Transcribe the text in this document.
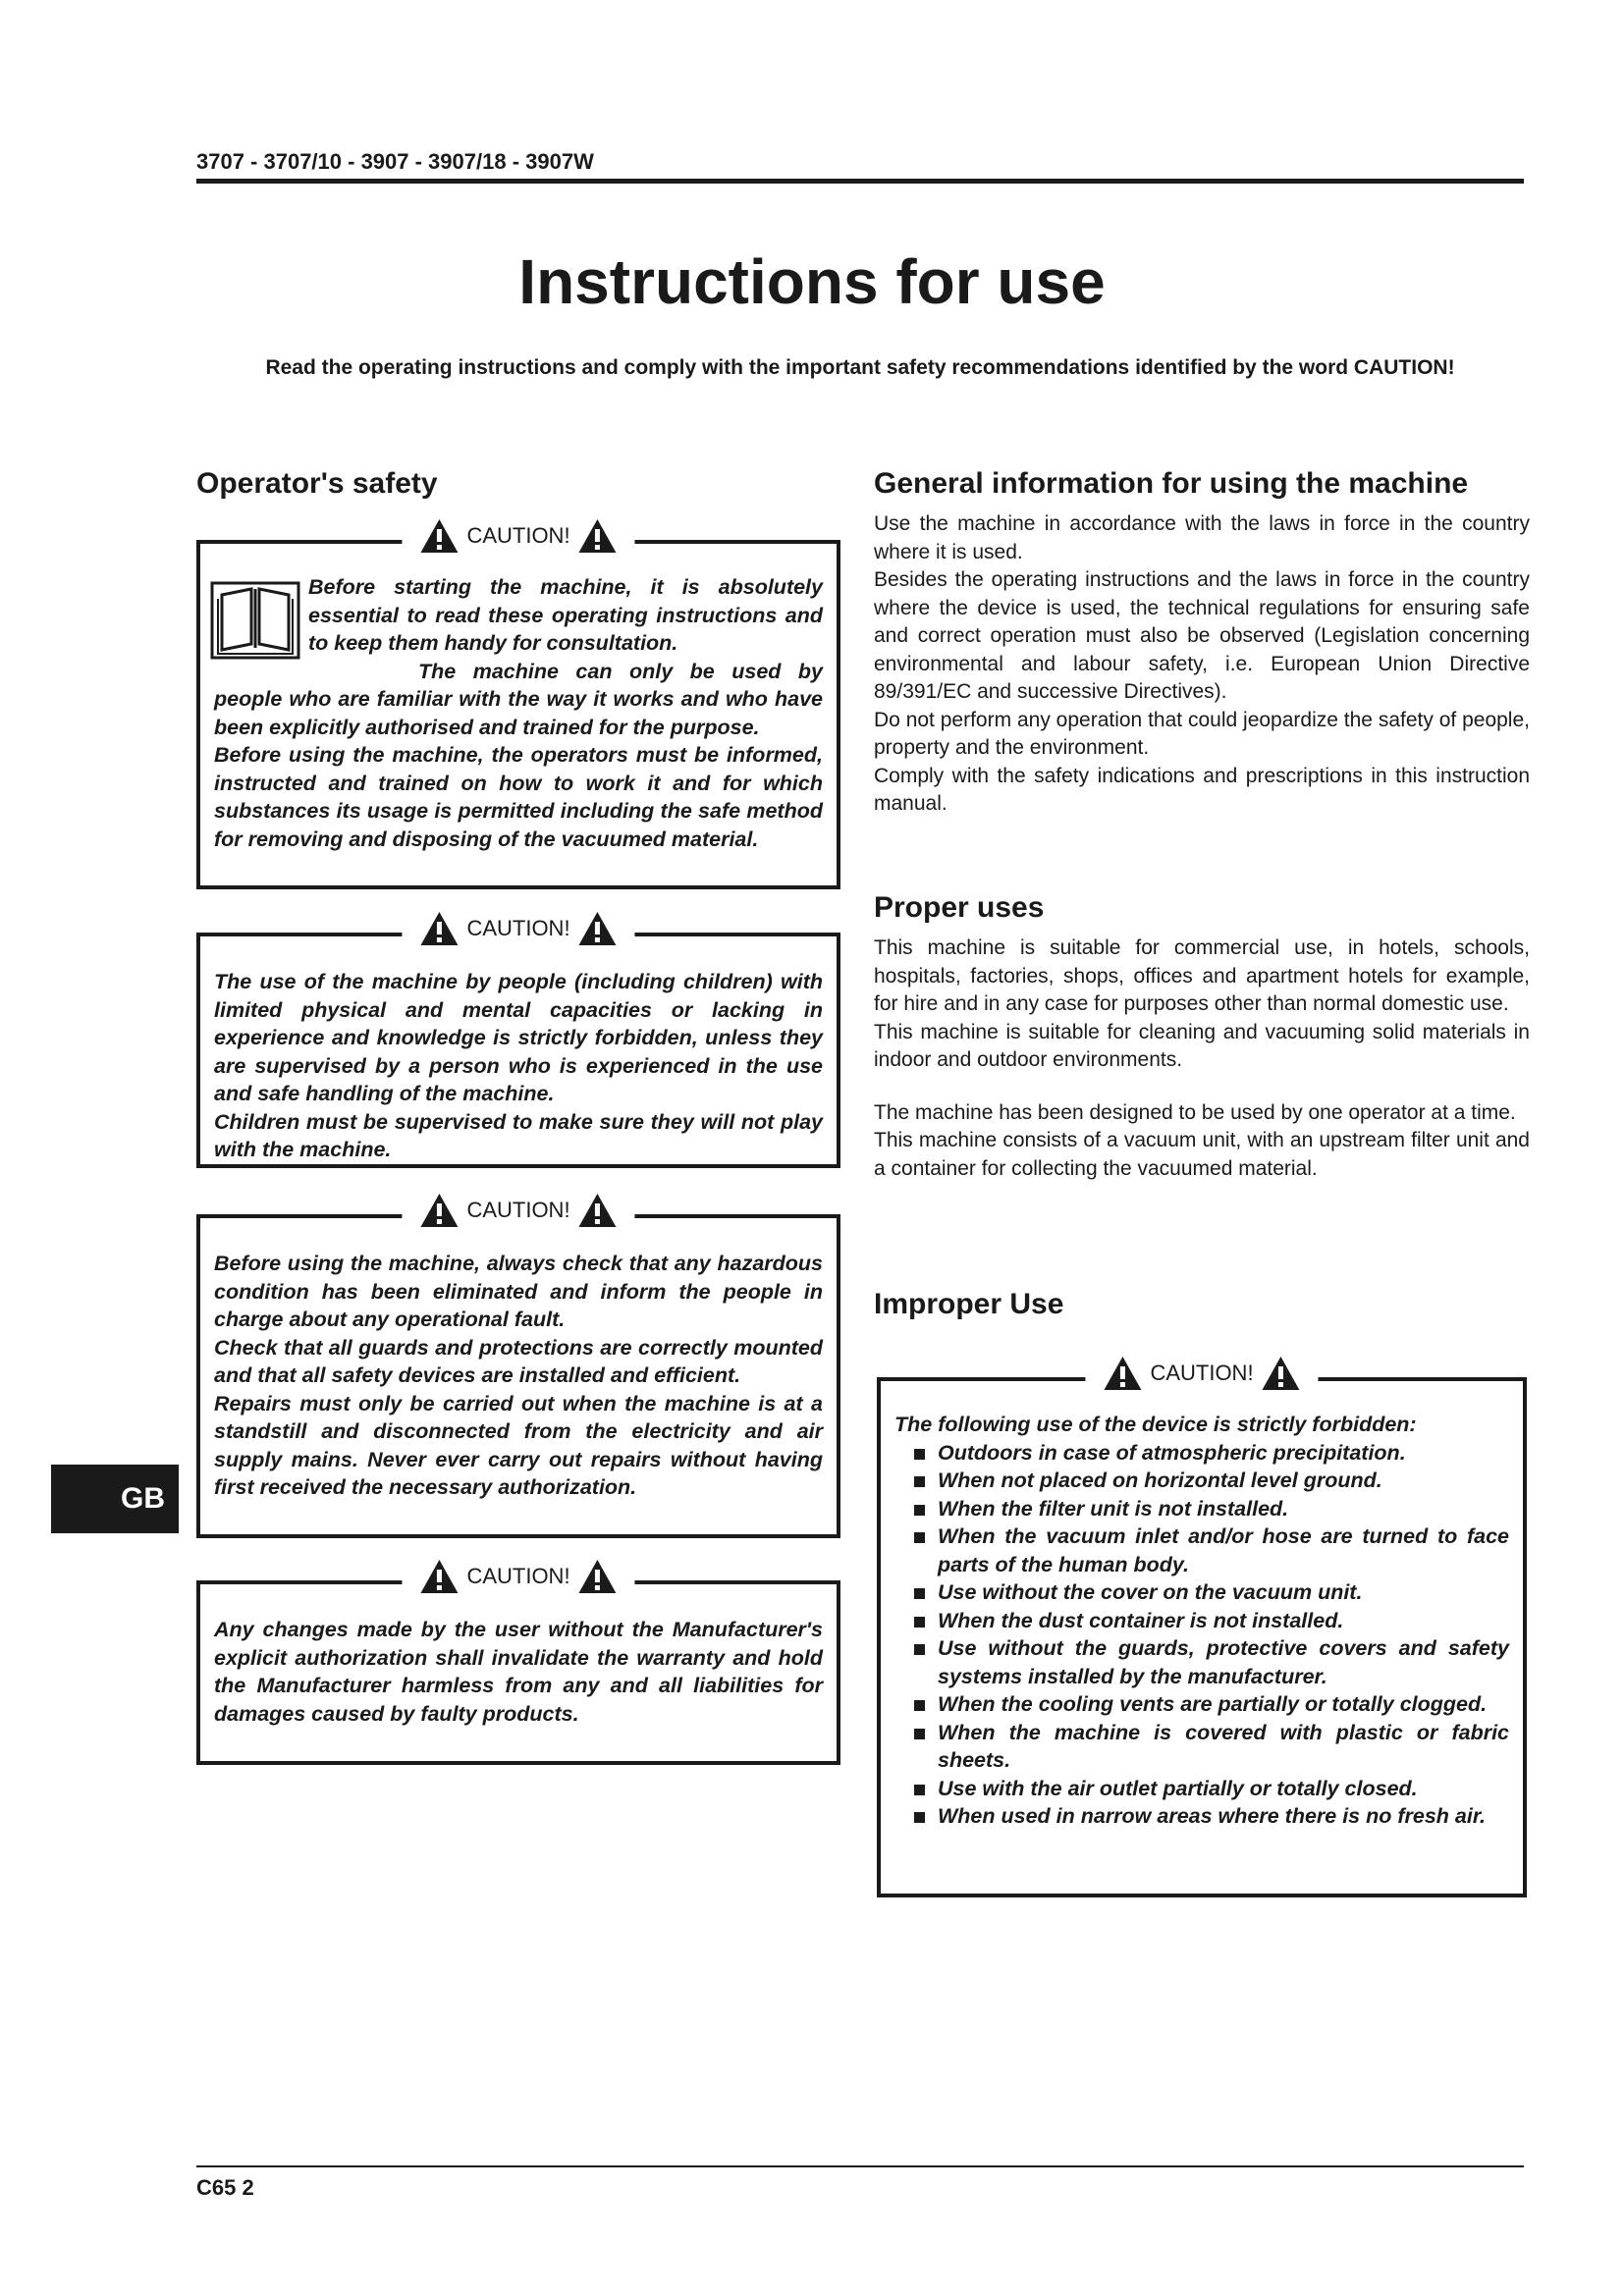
3707 - 3707/10 - 3907 - 3907/18 - 3907W
Instructions for use
Read the operating instructions and comply with the important safety recommendations identified by the word CAUTION!
Operator's safety
CAUTION!

Before starting the machine, it is absolutely essential to read these operating instructions and to keep them handy for consultation.

The machine can only be used by people who are familiar with the way it works and who have been explicitly authorised and trained for the purpose.

Before using the machine, the operators must be informed, instructed and trained on how to work it and for which substances its usage is permitted including the safe method for removing and disposing of the vacuumed material.

CAUTION!

The use of the machine by people (including children) with limited physical and mental capacities or lacking in experience and knowledge is strictly forbidden, unless they are supervised by a person who is experienced in the use and safe handling of the machine.

Children must be supervised to make sure they will not play with the machine.

CAUTION!

Before using the machine, always check that any hazardous condition has been eliminated and inform the people in charge about any operational fault.

Check that all guards and protections are correctly mounted and that all safety devices are installed and efficient.

Repairs must only be carried out when the machine is at a standstill and disconnected from the electricity and air supply mains. Never ever carry out repairs without having first received the necessary authorization.

CAUTION!

Any changes made by the user without the Manufacturer's explicit authorization shall invalidate the warranty and hold the Manufacturer harmless from any and all liabilities for damages caused by faulty products.

General information for using the machine

Use the machine in accordance with the laws in force in the country where it is used.

Besides the operating instructions and the laws in force in the country where the device is used, the technical regulations for ensuring safe and correct operation must also be observed (Legislation concerning environmental and labour safety, i.e. European Union Directive 89/391/EC and successive Directives).

Do not perform any operation that could jeopardize the safety of people, property and the environment.

Comply with the safety indications and prescriptions in this instruction manual.

Proper uses

This machine is suitable for commercial use, in hotels, schools, hospitals, factories, shops, offices and apartment hotels for example, for hire and in any case for purposes other than normal domestic use.

This machine is suitable for cleaning and vacuuming solid materials in indoor and outdoor environments.

The machine has been designed to be used by one operator at a time.

This machine consists of a vacuum unit, with an upstream filter unit and a container for collecting the vacuumed material.

Improper Use
CAUTION!

The following use of the device is strictly forbidden:

Outdoors in case of atmospheric precipitation.
When not placed on horizontal level ground.
When the filter unit is not installed.
When the vacuum inlet and/or hose are turned to face parts of the human body.
Use without the cover on the vacuum unit.
When the dust container is not installed.
Use without the guards, protective covers and safety systems installed by the manufacturer.
When the cooling vents are partially or totally clogged.
When the machine is covered with plastic or fabric sheets.
Use with the air outlet partially or totally closed.
When used in narrow areas where there is no fresh air.
GB
C65 2
